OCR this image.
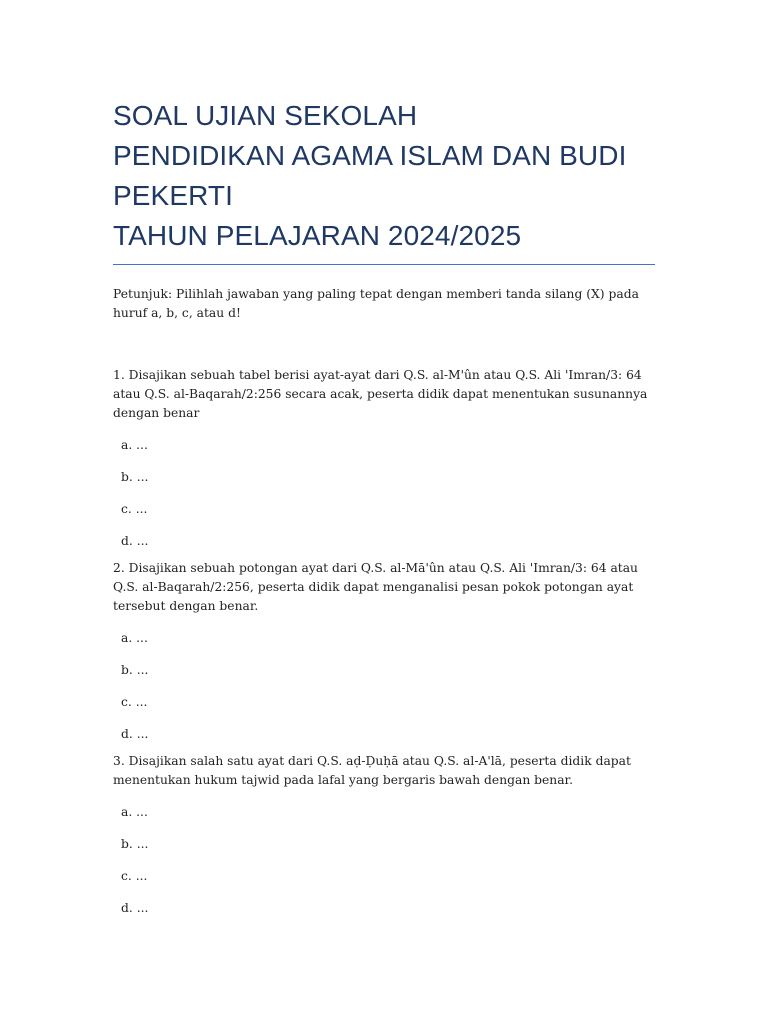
SOAL UJIAN SEKOLAH
PENDIDIKAN AGAMA ISLAM DAN BUDI
PEKERTI
TAHUN PELAJARAN 2024/2025

Petunjuk: Pilihlah jawaban yang paling tepat dengan memberi tanda silang (X) pada huruf a, b, c, atau d!

1. Disajikan sebuah tabel berisi ayat-ayat dari Q.S. al-M'ûn atau Q.S. Ali 'Imran/3: 64 atau Q.S. al-Baqarah/2:256 secara acak, peserta didik dapat menentukan susunannya dengan benar

a. ...
b. ...
c. ...
d. ...

2. Disajikan sebuah potongan ayat dari Q.S. al-Mā'ûn atau Q.S. Ali 'Imran/3: 64 atau Q.S. al-Baqarah/2:256, peserta didik dapat menganalisi pesan pokok potongan ayat tersebut dengan benar.

a. ...
b. ...
c. ...
d. ...

3. Disajikan salah satu ayat dari Q.S. aḍ-Ḍuḥā atau Q.S. al-A'lā, peserta didik dapat menentukan hukum tajwid pada lafal yang bergaris bawah dengan benar.

a. ...
b. ...
c. ...
d. ...
